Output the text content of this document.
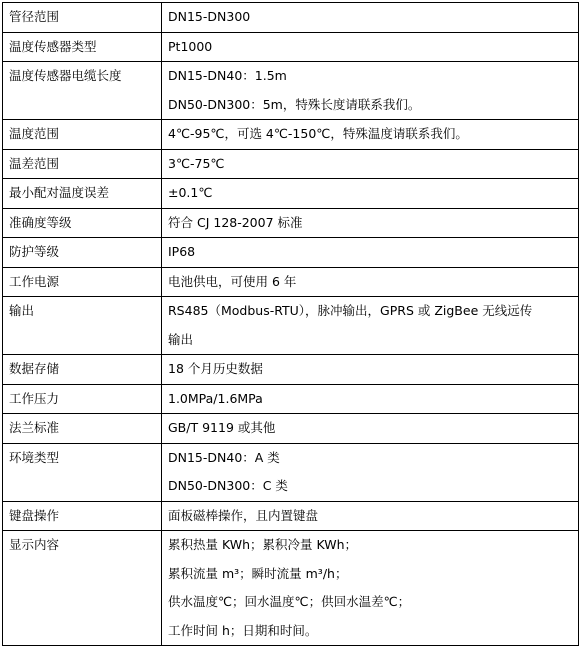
管径范围	DN15-DN300

温度传感器类型	Pt1000

温度传感器电缆长度	DN15-DN40：1.5m
DN50-DN300：5m，特殊长度请联系我们。

温度范围	4℃-95℃，可选 4℃-150℃，特殊温度请联系我们。

温差范围	3℃-75℃

最小配对温度误差	±0.1℃

准确度等级	符合 CJ 128-2007 标准

防护等级	IP68

工作电源	电池供电，可使用 6 年

输出	RS485（Modbus-RTU），脉冲输出，GPRS 或 ZigBee 无线远传
输出

数据存储	18 个月历史数据

工作压力	1.0MPa/1.6MPa

法兰标准	GB/T 9119 或其他

环境类型	DN15-DN40：A 类
DN50-DN300：C 类

键盘操作	面板磁棒操作，且内置键盘

显示内容	累积热量 KWh；累积冷量 KWh；
累积流量 m³；瞬时流量 m³/h；
供水温度℃；回水温度℃；供回水温差℃；
工作时间 h；日期和时间。
